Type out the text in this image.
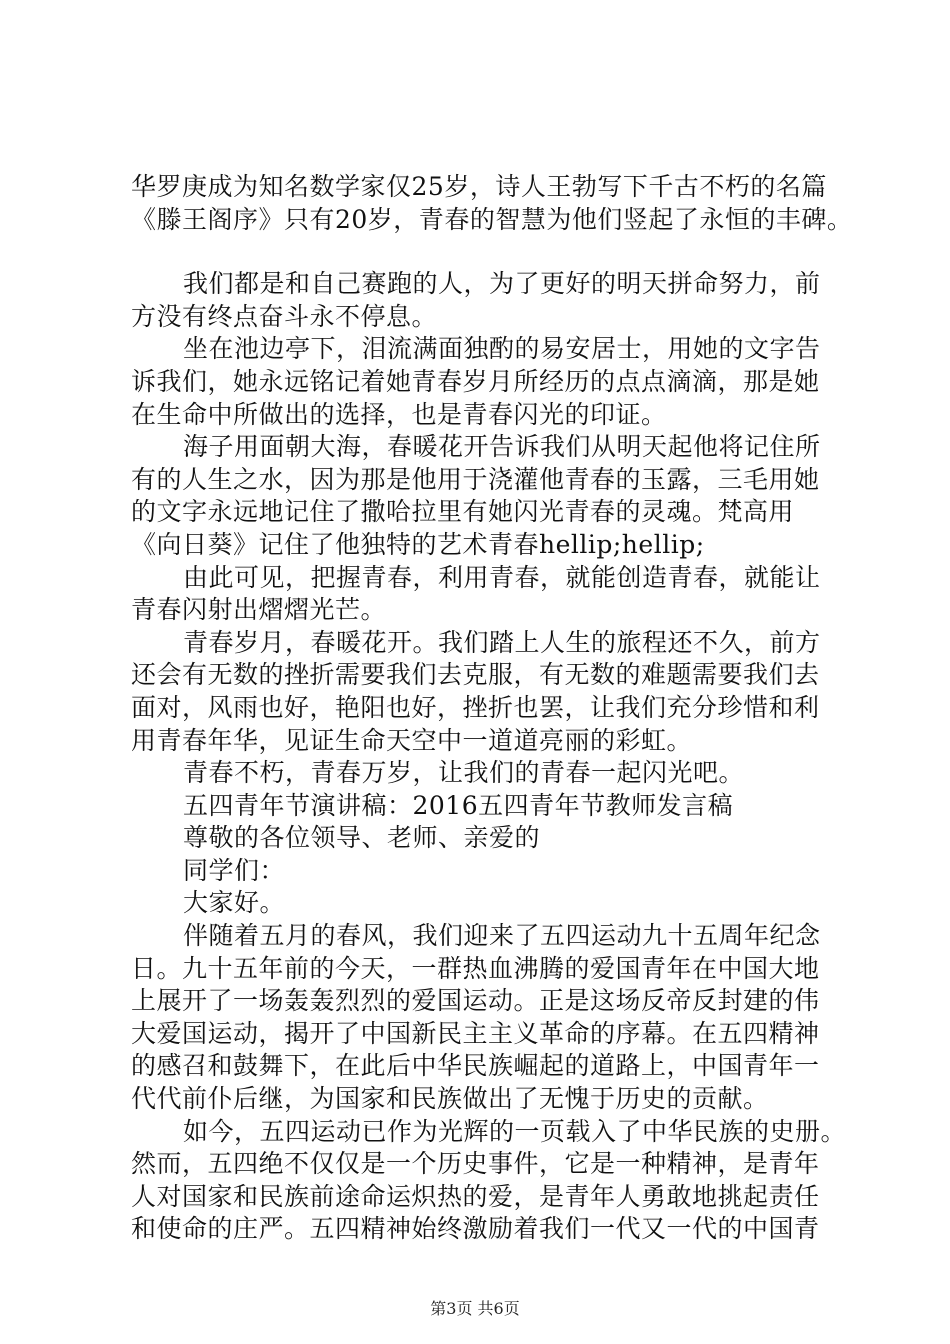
华罗庚成为知名数学家仅25岁，诗人王勃写下千古不朽的名篇
《滕王阁序》只有20岁，青春的智慧为他们竖起了永恒的丰碑。
我们都是和自己赛跑的人，为了更好的明天拼命努力，前
方没有终点奋斗永不停息。
坐在池边亭下，泪流满面独酌的易安居士，用她的文字告
诉我们，她永远铭记着她青春岁月所经历的点点滴滴，那是她
在生命中所做出的选择，也是青春闪光的印证。
海子用面朝大海，春暖花开告诉我们从明天起他将记住所
有的人生之水，因为那是他用于浇灌他青春的玉露，三毛用她
的文字永远地记住了撒哈拉里有她闪光青春的灵魂。梵高用
《向日葵》记住了他独特的艺术青春hellip;hellip;
由此可见，把握青春，利用青春，就能创造青春，就能让
青春闪射出熠熠光芒。
青春岁月，春暖花开。我们踏上人生的旅程还不久，前方
还会有无数的挫折需要我们去克服，有无数的难题需要我们去
面对，风雨也好，艳阳也好，挫折也罢，让我们充分珍惜和利
用青春年华，见证生命天空中一道道亮丽的彩虹。
青春不朽，青春万岁，让我们的青春一起闪光吧。
五四青年节演讲稿：2016五四青年节教师发言稿
尊敬的各位领导、老师、亲爱的
同学们：
大家好。
伴随着五月的春风，我们迎来了五四运动九十五周年纪念
日。九十五年前的今天，一群热血沸腾的爱国青年在中国大地
上展开了一场轰轰烈烈的爱国运动。正是这场反帝反封建的伟
大爱国运动，揭开了中国新民主主义革命的序幕。在五四精神
的感召和鼓舞下，在此后中华民族崛起的道路上，中国青年一
代代前仆后继，为国家和民族做出了无愧于历史的贡献。
如今，五四运动已作为光辉的一页载入了中华民族的史册。
然而，五四绝不仅仅是一个历史事件，它是一种精神，是青年
人对国家和民族前途命运炽热的爱，是青年人勇敢地挑起责任
和使命的庄严。五四精神始终激励着我们一代又一代的中国青
第3页 共6页
